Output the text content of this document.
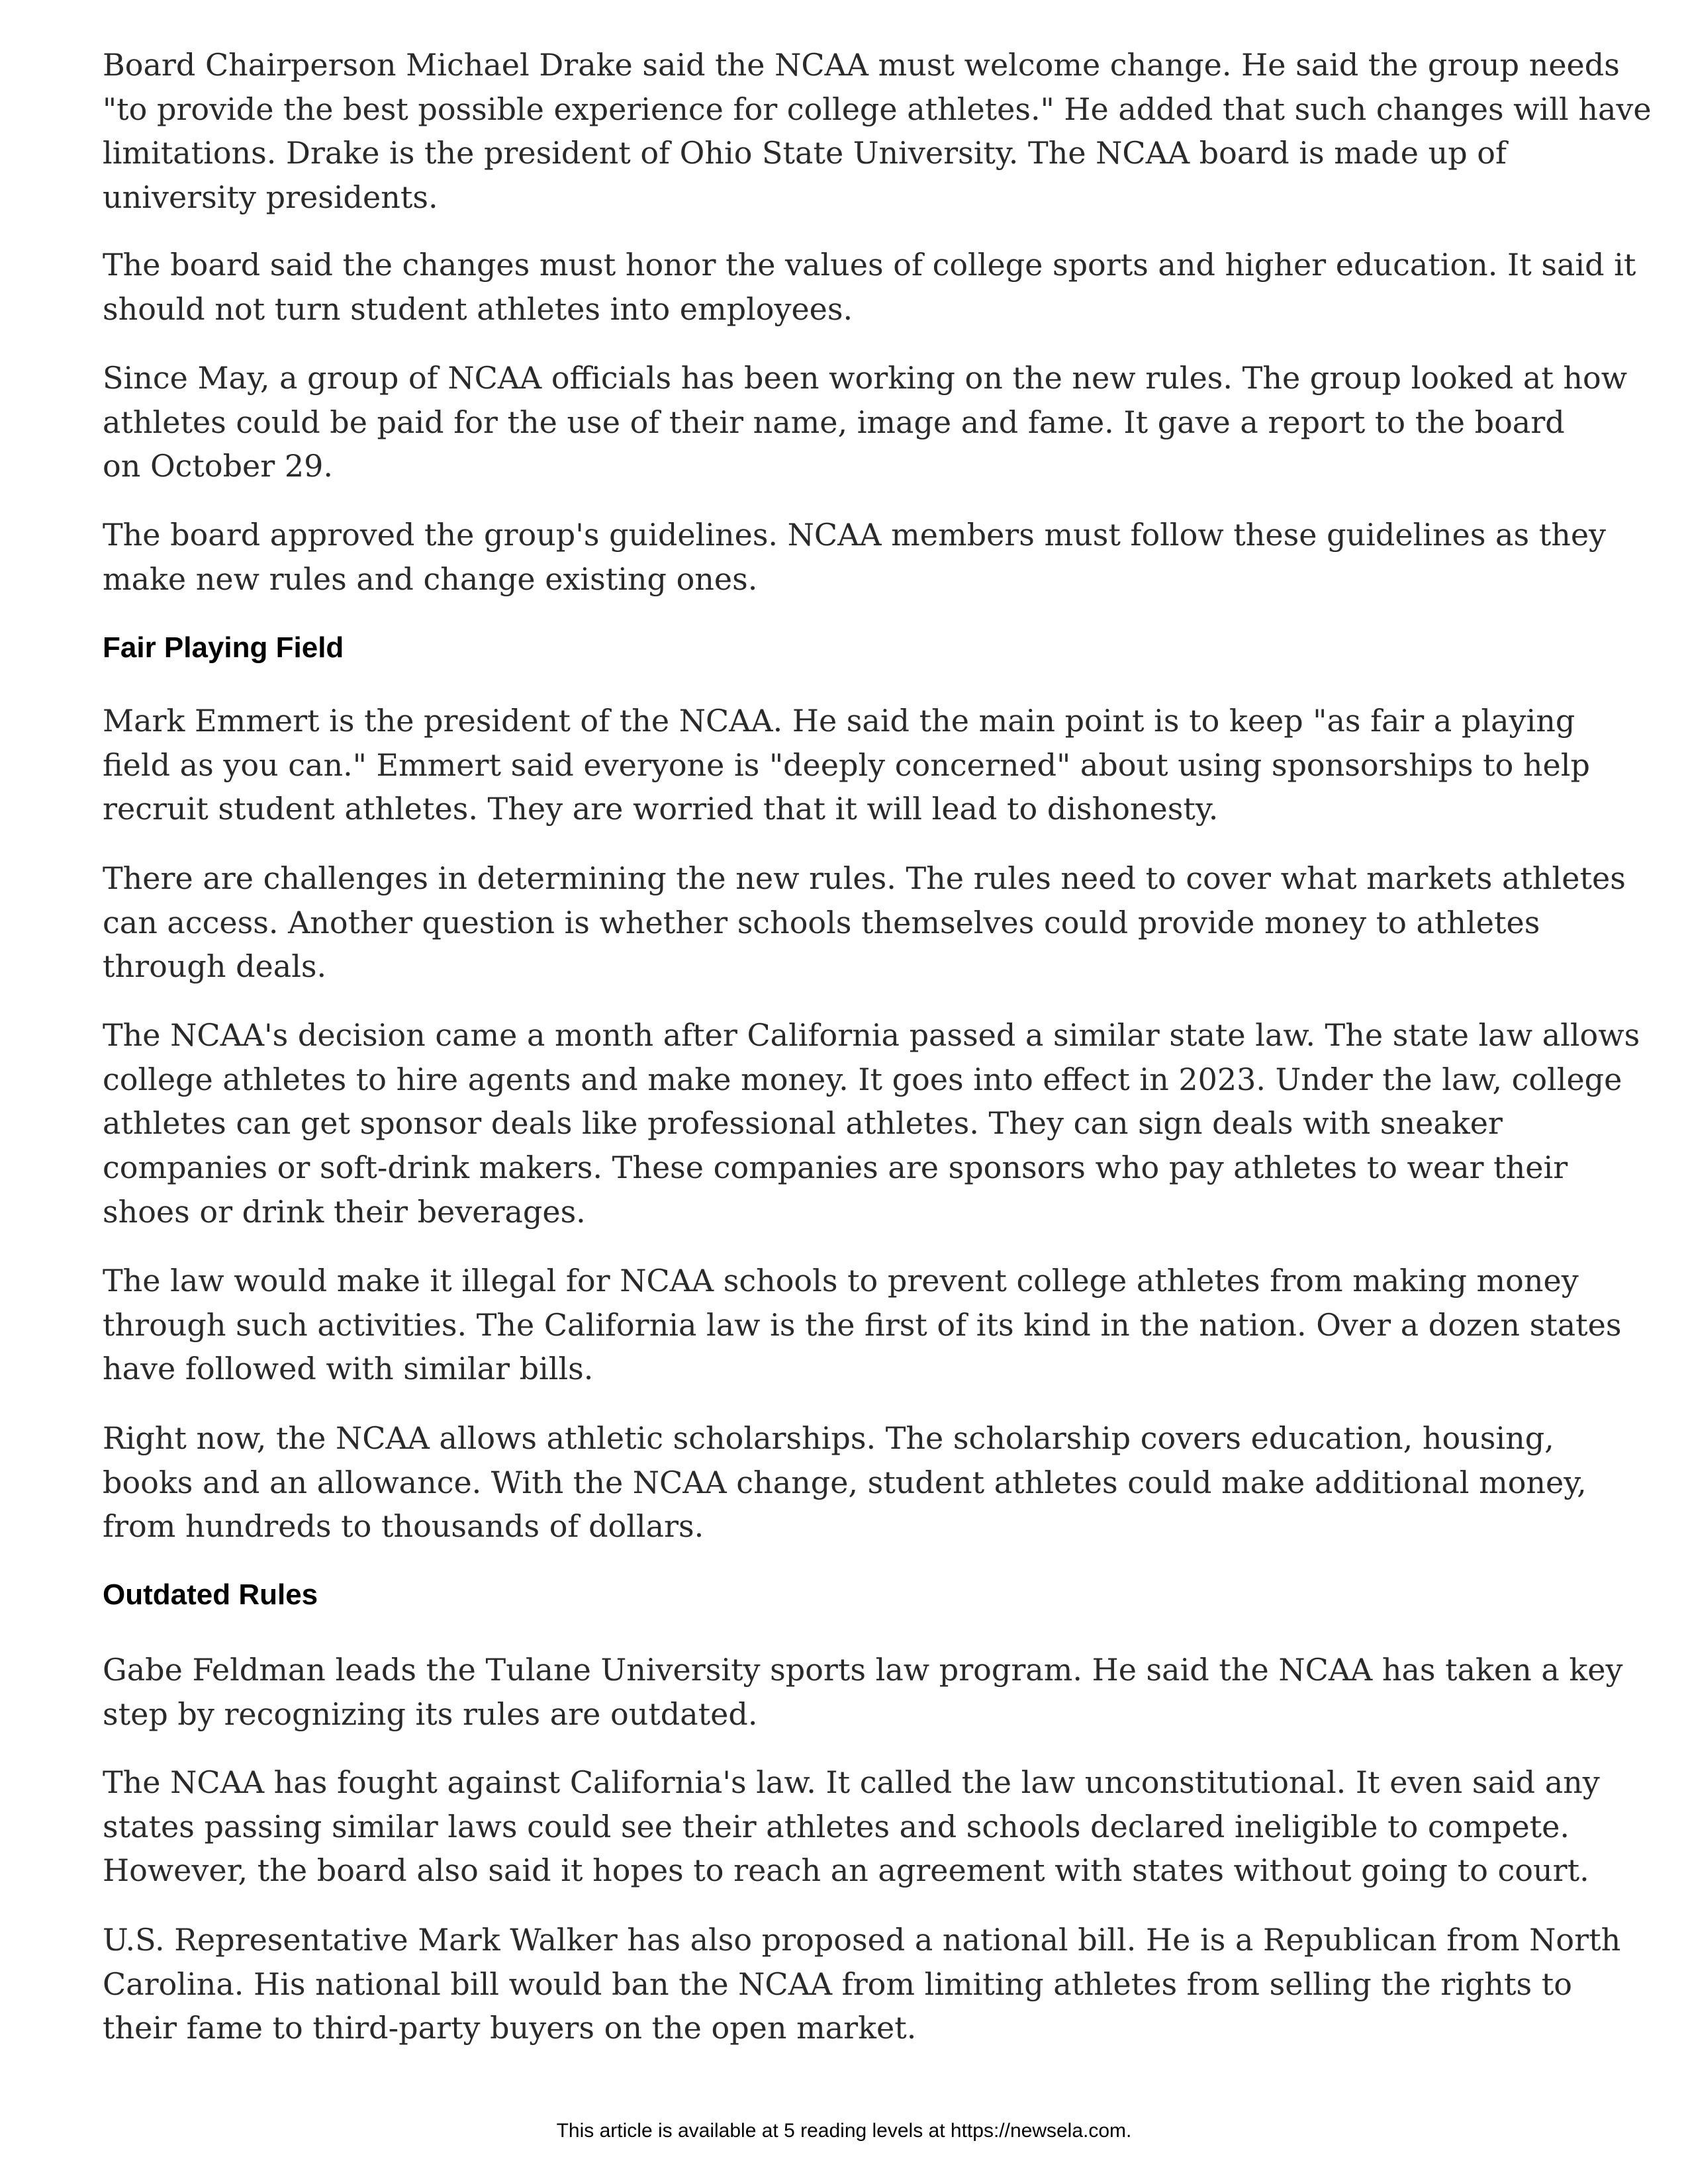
Board Chairperson Michael Drake said the NCAA must welcome change. He said the group needs
"to provide the best possible experience for college athletes." He added that such changes will have
limitations. Drake is the president of Ohio State University. The NCAA board is made up of
university presidents.
The board said the changes must honor the values of college sports and higher education. It said it
should not turn student athletes into employees.
Since May, a group of NCAA officials has been working on the new rules. The group looked at how
athletes could be paid for the use of their name, image and fame. It gave a report to the board
on October 29.
The board approved the group's guidelines. NCAA members must follow these guidelines as they
make new rules and change existing ones.
Fair Playing Field
Mark Emmert is the president of the NCAA. He said the main point is to keep "as fair a playing
field as you can." Emmert said everyone is "deeply concerned" about using sponsorships to help
recruit student athletes. They are worried that it will lead to dishonesty.
There are challenges in determining the new rules. The rules need to cover what markets athletes
can access. Another question is whether schools themselves could provide money to athletes
through deals.
The NCAA's decision came a month after California passed a similar state law. The state law allows
college athletes to hire agents and make money. It goes into effect in 2023. Under the law, college
athletes can get sponsor deals like professional athletes. They can sign deals with sneaker
companies or soft-drink makers. These companies are sponsors who pay athletes to wear their
shoes or drink their beverages.
The law would make it illegal for NCAA schools to prevent college athletes from making money
through such activities. The California law is the first of its kind in the nation. Over a dozen states
have followed with similar bills.
Right now, the NCAA allows athletic scholarships. The scholarship covers education, housing,
books and an allowance. With the NCAA change, student athletes could make additional money,
from hundreds to thousands of dollars.
Outdated Rules
Gabe Feldman leads the Tulane University sports law program. He said the NCAA has taken a key
step by recognizing its rules are outdated.
The NCAA has fought against California's law. It called the law unconstitutional. It even said any
states passing similar laws could see their athletes and schools declared ineligible to compete.
However, the board also said it hopes to reach an agreement with states without going to court.
U.S. Representative Mark Walker has also proposed a national bill. He is a Republican from North
Carolina. His national bill would ban the NCAA from limiting athletes from selling the rights to
their fame to third-party buyers on the open market.
This article is available at 5 reading levels at https://newsela.com.
